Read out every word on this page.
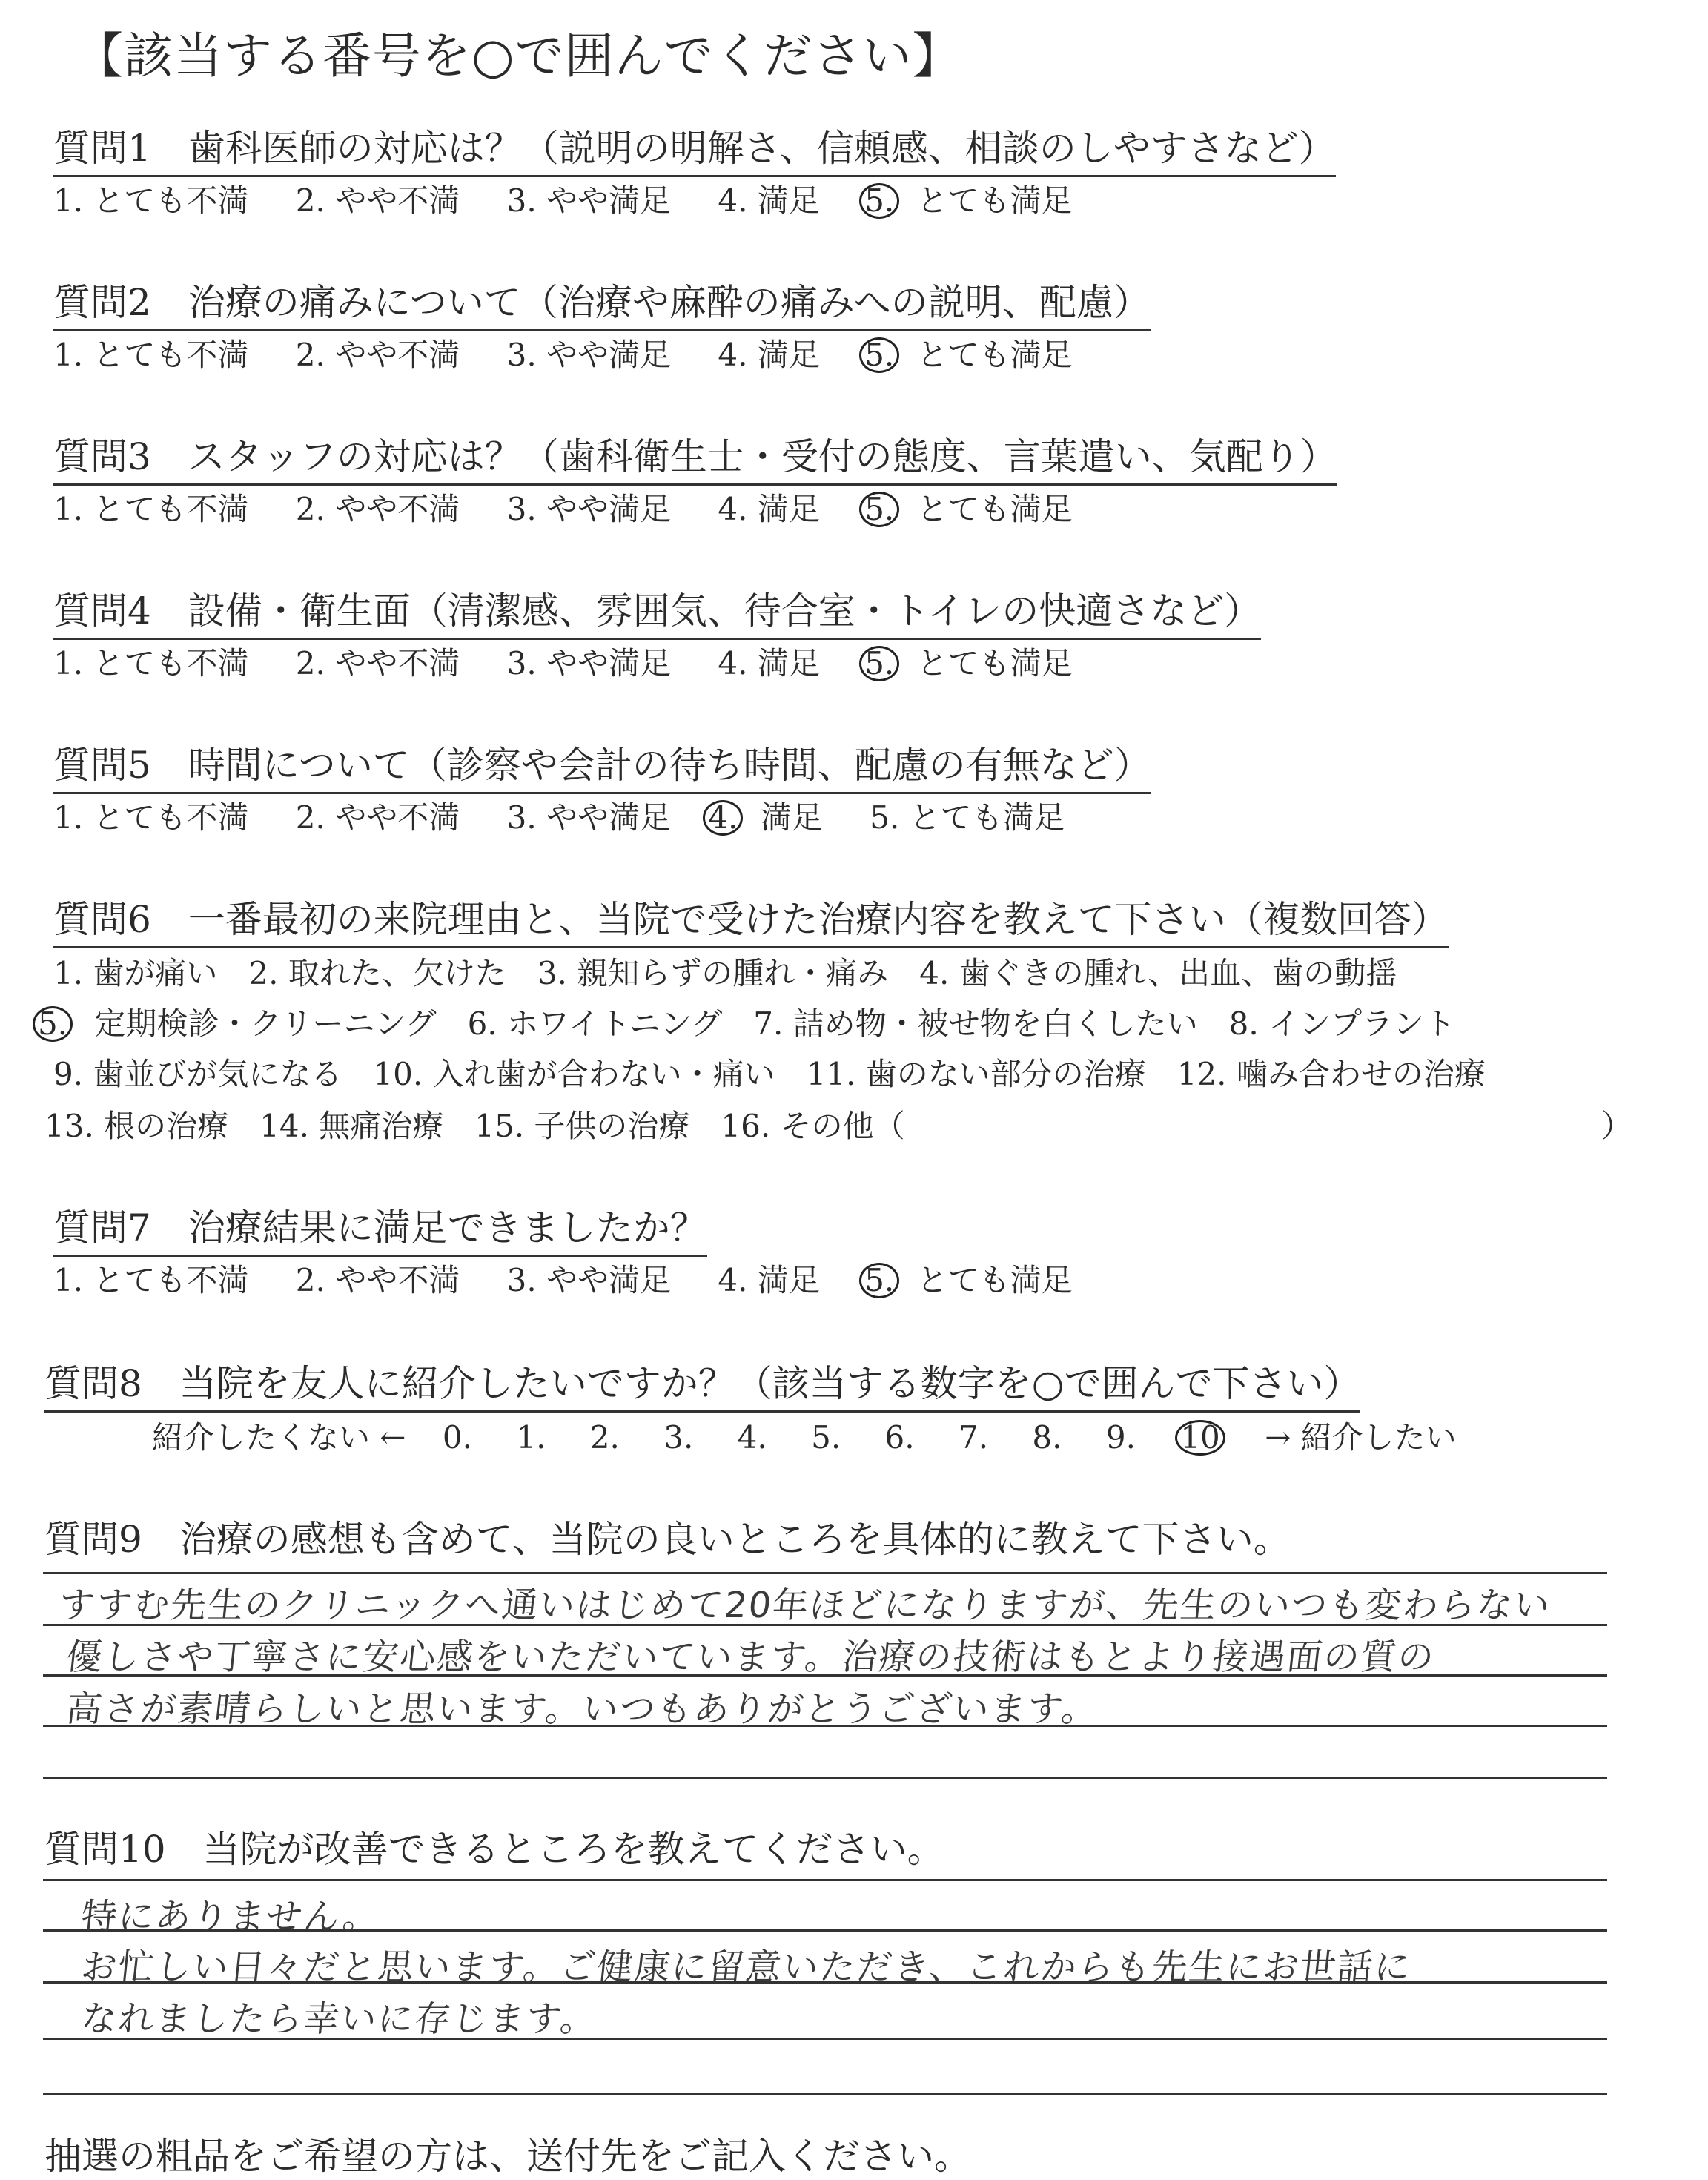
【該当する番号を○で囲んでください】
質問1　歯科医師の対応は？（説明の明解さ、信頼感、相談のしやすさなど）
1. とても不満 2. やや不満 3. やや満足 4. 満足 5. とても満足
質問2　治療の痛みについて（治療や麻酔の痛みへの説明、配慮）
1. とても不満 2. やや不満 3. やや満足 4. 満足 5. とても満足
質問3　スタッフの対応は？（歯科衛生士・受付の態度、言葉遣い、気配り）
1. とても不満 2. やや不満 3. やや満足 4. 満足 5. とても満足
質問4　設備・衛生面（清潔感、雰囲気、待合室・トイレの快適さなど）
1. とても不満 2. やや不満 3. やや満足 4. 満足 5. とても満足
質問5　時間について（診察や会計の待ち時間、配慮の有無など）
1. とても不満 2. やや不満 3. やや満足 4. 満足 5. とても満足
質問6　一番最初の来院理由と、当院で受けた治療内容を教えて下さい（複数回答）
1. 歯が痛い　2. 取れた、欠けた　3. 親知らずの腫れ・痛み　4. 歯ぐきの腫れ、出血、歯の動揺
5. 定期検診・クリーニング　6. ホワイトニング　7. 詰め物・被せ物を白くしたい　8. インプラント
9. 歯並びが気になる　10. 入れ歯が合わない・痛い　11. 歯のない部分の治療　12. 噛み合わせの治療
13. 根の治療　14. 無痛治療　15. 子供の治療　16. その他（	）
質問7　治療結果に満足できましたか？
1. とても不満 2. やや不満 3. やや満足 4. 満足 5. とても満足
質問8　当院を友人に紹介したいですか？（該当する数字を○で囲んで下さい）
紹介したくない ← 0. 1. 2. 3. 4. 5. 6. 7. 8. 9. 10 → 紹介したい
質問9　治療の感想も含めて、当院の良いところを具体的に教えて下さい。
すすむ先生のクリニックへ通いはじめて20年ほどになりますが、先生のいつも変わらない
優しさや丁寧さに安心感をいただいています。治療の技術はもとより接遇面の質の
高さが素晴らしいと思います。いつもありがとうございます。
質問10　当院が改善できるところを教えてください。
特にありません。
お忙しい日々だと思います。ご健康に留意いただき、これからも先生にお世話に
なれましたら幸いに存じます。
抽選の粗品をご希望の方は、送付先をご記入ください。
